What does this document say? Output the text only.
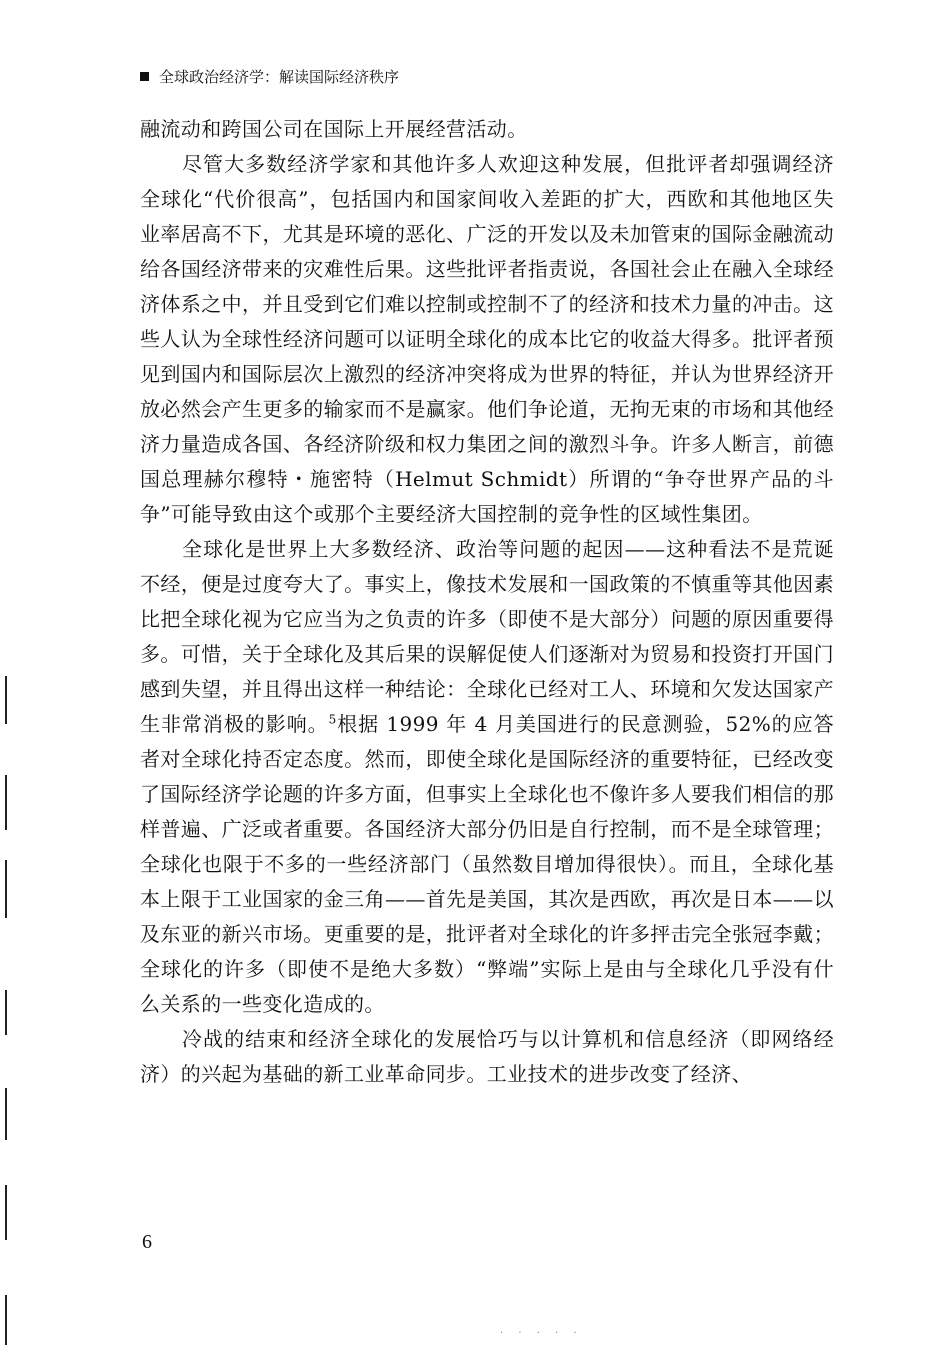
全球政治经济学：解读国际经济秩序

融流动和跨国公司在国际上开展经营活动。

尽管大多数经济学家和其他许多人欢迎这种发展，但批评者却强调经济全球化“代价很高”，包括国内和国家间收入差距的扩大，西欧和其他地区失业率居高不下，尤其是环境的恶化、广泛的开发以及未加管束的国际金融流动给各国经济带来的灾难性后果。这些批评者指责说，各国社会止在融入全球经济体系之中，并且受到它们难以控制或控制不了的经济和技术力量的冲击。这些人认为全球性经济问题可以证明全球化的成本比它的收益大得多。批评者预见到国内和国际层次上激烈的经济冲突将成为世界的特征，并认为世界经济开放必然会产生更多的输家而不是赢家。他们争论道，无拘无束的市场和其他经济力量造成各国、各经济阶级和权力集团之间的激烈斗争。许多人断言，前德国总理赫尔穆特・施密特（Helmut Schmidt）所谓的“争夺世界产品的斗争”可能导致由这个或那个主要经济大国控制的竞争性的区域性集团。

全球化是世界上大多数经济、政治等问题的起因——这种看法不是荒诞不经，便是过度夸大了。事实上，像技术发展和一国政策的不慎重等其他因素比把全球化视为它应当为之负责的许多（即使不是大部分）问题的原因重要得多。可惜，关于全球化及其后果的误解促使人们逐渐对为贸易和投资打开国门感到失望，并且得出这样一种结论：全球化已经对工人、环境和欠发达国家产生非常消极的影响。$^5$根据 1999 年 4 月美国进行的民意测验，52%的应答者对全球化持否定态度。然而，即使全球化是国际经济的重要特征，已经改变了国际经济学论题的许多方面，但事实上全球化也不像许多人要我们相信的那样普遍、广泛或者重要。各国经济大部分仍旧是自行控制，而不是全球管理；全球化也限于不多的一些经济部门（虽然数目增加得很快）。而且，全球化基本上限于工业国家的金三角——首先是美国，其次是西欧，再次是日本——以及东亚的新兴市场。更重要的是，批评者对全球化的许多抨击完全张冠李戴；全球化的许多（即使不是绝大多数）“弊端”实际上是由与全球化几乎没有什么关系的一些变化造成的。

冷战的结束和经济全球化的发展恰巧与以计算机和信息经济（即网络经济）的兴起为基础的新工业革命同步。工业技术的进步改变了经济、

6
· · · · ·
